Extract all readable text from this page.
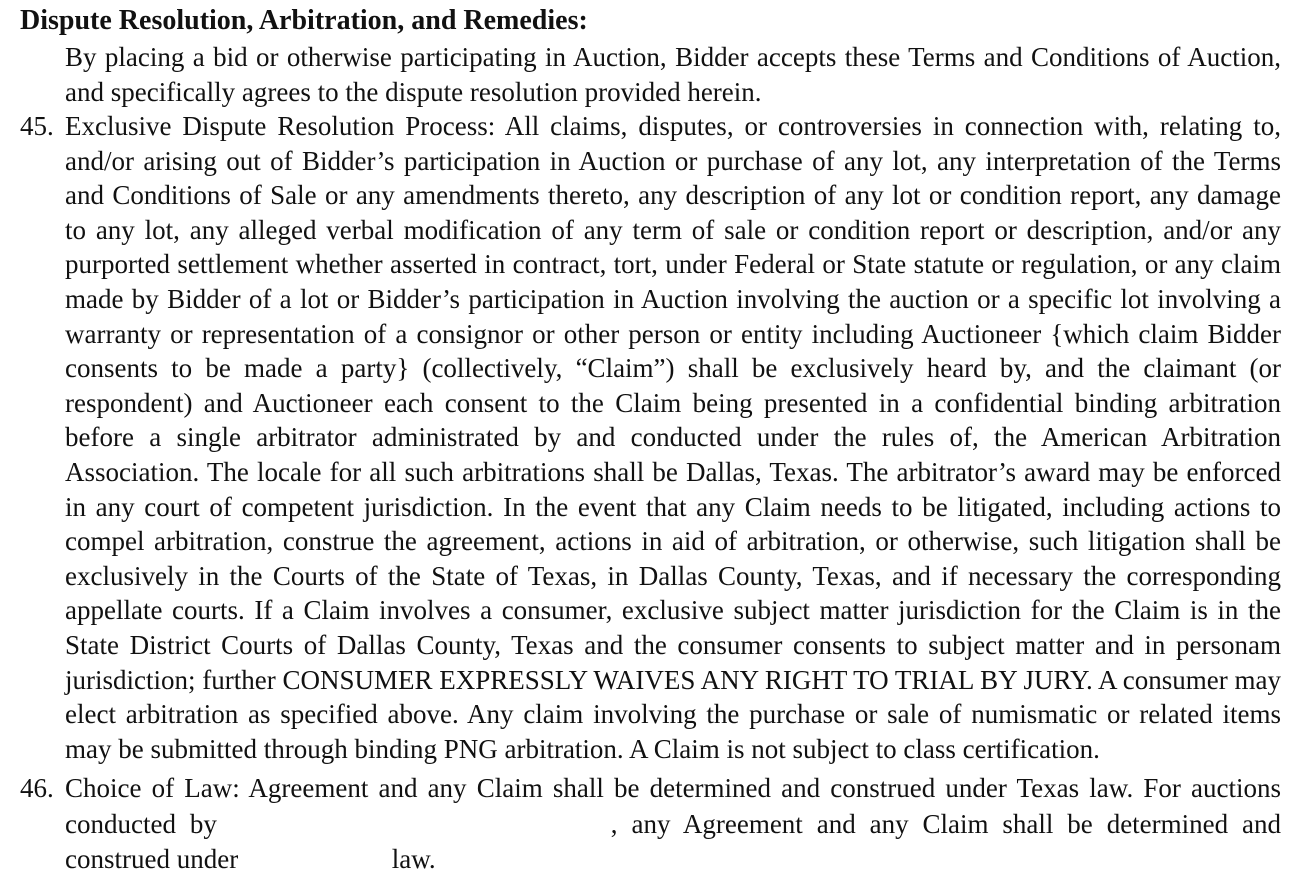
Dispute Resolution, Arbitration, and Remedies:
By placing a bid or otherwise participating in Auction, Bidder accepts these Terms and Conditions of Auction, and specifically agrees to the dispute resolution provided herein.
45. Exclusive Dispute Resolution Process: All claims, disputes, or controversies in connection with, relating to, and/or arising out of Bidder’s participation in Auction or purchase of any lot, any interpretation of the Terms and Conditions of Sale or any amendments thereto, any description of any lot or condition report, any damage to any lot, any alleged verbal modification of any term of sale or condition report or description, and/or any purported settlement whether asserted in contract, tort, under Federal or State statute or regulation, or any claim made by Bidder of a lot or Bidder’s participation in Auction involving the auction or a specific lot involving a warranty or representation of a consignor or other person or entity including Auctioneer {which claim Bidder consents to be made a party} (collectively, “Claim”) shall be exclusively heard by, and the claimant (or respondent) and Auctioneer each consent to the Claim being presented in a confidential binding arbitration before a single arbitrator administrated by and conducted under the rules of, the American Arbitration Association. The locale for all such arbitrations shall be Dallas, Texas. The arbitrator’s award may be enforced in any court of competent jurisdiction. In the event that any Claim needs to be litigated, including actions to compel arbitration, construe the agreement, actions in aid of arbitration, or otherwise, such litigation shall be exclusively in the Courts of the State of Texas, in Dallas County, Texas, and if necessary the corresponding appellate courts. If a Claim involves a consumer, exclusive subject matter jurisdiction for the Claim is in the State District Courts of Dallas County, Texas and the consumer consents to subject matter and in personam jurisdiction; further CONSUMER EXPRESSLY WAIVES ANY RIGHT TO TRIAL BY JURY. A consumer may elect arbitration as specified above. Any claim involving the purchase or sale of numismatic or related items may be submitted through binding PNG arbitration. A Claim is not subject to class certification.
46. Choice of Law: Agreement and any Claim shall be determined and construed under Texas law. For auctions conducted by	, any Agreement and any Claim shall be determined and construed under	law.
